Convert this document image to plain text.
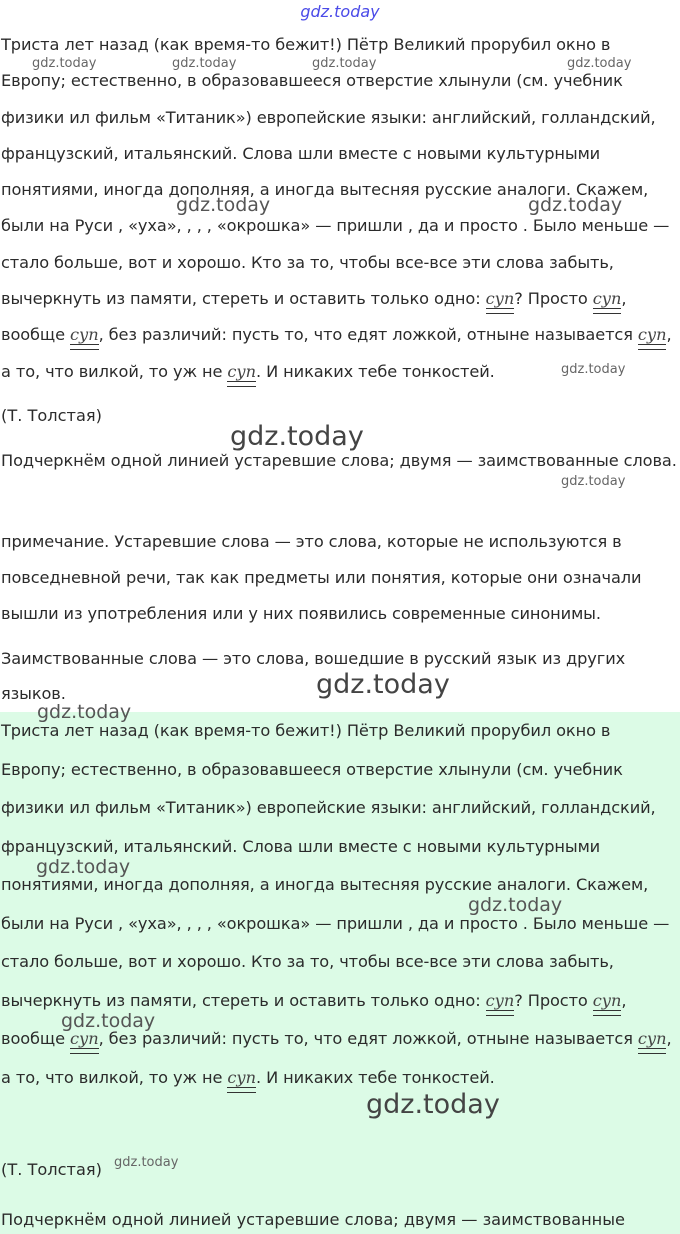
gdz.today

Триста лет назад (как время-то бежит!) Пётр Великий прорубил окно в Европу; естественно, в образовавшееся отверстие хлынули (см. учебник физики ил фильм «Титаник») европейские языки: английский, голландский, французский, итальянский. Слова шли вместе с новыми культурными понятиями, иногда дополняя, а иногда вытесняя русские аналоги. Скажем, были на Руси , «уха», , , , «окрошка» — пришли , да и просто . Было меньше — стало больше, вот и хорошо. Кто за то, чтобы все-все эти слова забыть, вычеркнуть из памяти, стереть и оставить только одно: суп? Просто суп, вообще суп, без различий: пусть то, что едят ложкой, отныне называется суп, а то, что вилкой, то уж не суп. И никаких тебе тонкостей.

(Т. Толстая)

Подчеркнём одной линией устаревшие слова; двумя — заимствованные слова.

примечание. Устаревшие слова — это слова, которые не используются в повседневной речи, так как предметы или понятия, которые они означали вышли из употребления или у них появились современные синонимы.

Заимствованные слова — это слова, вошедшие в русский язык из других языков.

Триста лет назад (как время-то бежит!) Пётр Великий прорубил окно в Европу; естественно, в образовавшееся отверстие хлынули (см. учебник физики ил фильм «Титаник») европейские языки: английский, голландский, французский, итальянский. Слова шли вместе с новыми культурными понятиями, иногда дополняя, а иногда вытесняя русские аналоги. Скажем, были на Руси , «уха», , , , «окрошка» — пришли , да и просто . Было меньше — стало больше, вот и хорошо. Кто за то, чтобы все-все эти слова забыть, вычеркнуть из памяти, стереть и оставить только одно: суп? Просто суп, вообще суп, без различий: пусть то, что едят ложкой, отныне называется суп, а то, что вилкой, то уж не суп. И никаких тебе тонкостей.

(Т. Толстая)
Подчеркнём одной линией устаревшие слова; двумя — заимствованные
gdz.today	gdz.today	gdz.today	gdz.today
gdz.today	gdz.today
gdz.today
gdz.today
gdz.today
gdz.today
gdz.today
gdz.today
gdz.today
gdz.today
gdz.today
gdz.today
